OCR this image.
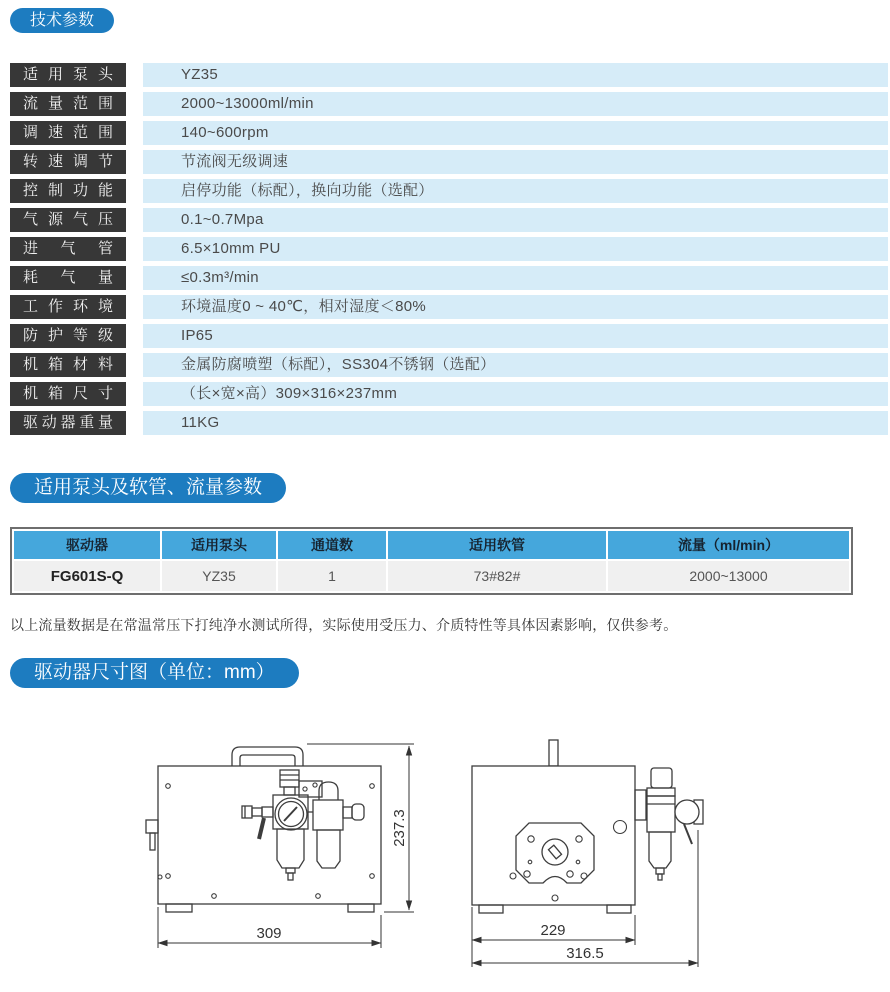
技术参数
适用泵头	YZ35
流量范围	2000~13000ml/min
调速范围	140~600rpm
转速调节	节流阀无级调速
控制功能	启停功能（标配），换向功能（选配）
气源气压	0.1~0.7Mpa
进气管	6.5×10mm PU
耗气量	≤0.3m³/min
工作环境	环境温度0 ~ 40℃，相对湿度＜80%
防护等级	IP65
机箱材料	金属防腐喷塑（标配），SS304不锈钢（选配）
机箱尺寸	（长×宽×高）309×316×237mm
驱动器重量	11KG
适用泵头及软管、流量参数
驱动器	适用泵头	通道数	适用软管	流量（ml/min）
FG601S-Q	YZ35	1	73#82#	2000~13000
以上流量数据是在常温常压下打纯净水测试所得，实际使用受压力、介质特性等具体因素影响，仅供参考。
驱动器尺寸图（单位：mm）
309
237.3
229
316.5
